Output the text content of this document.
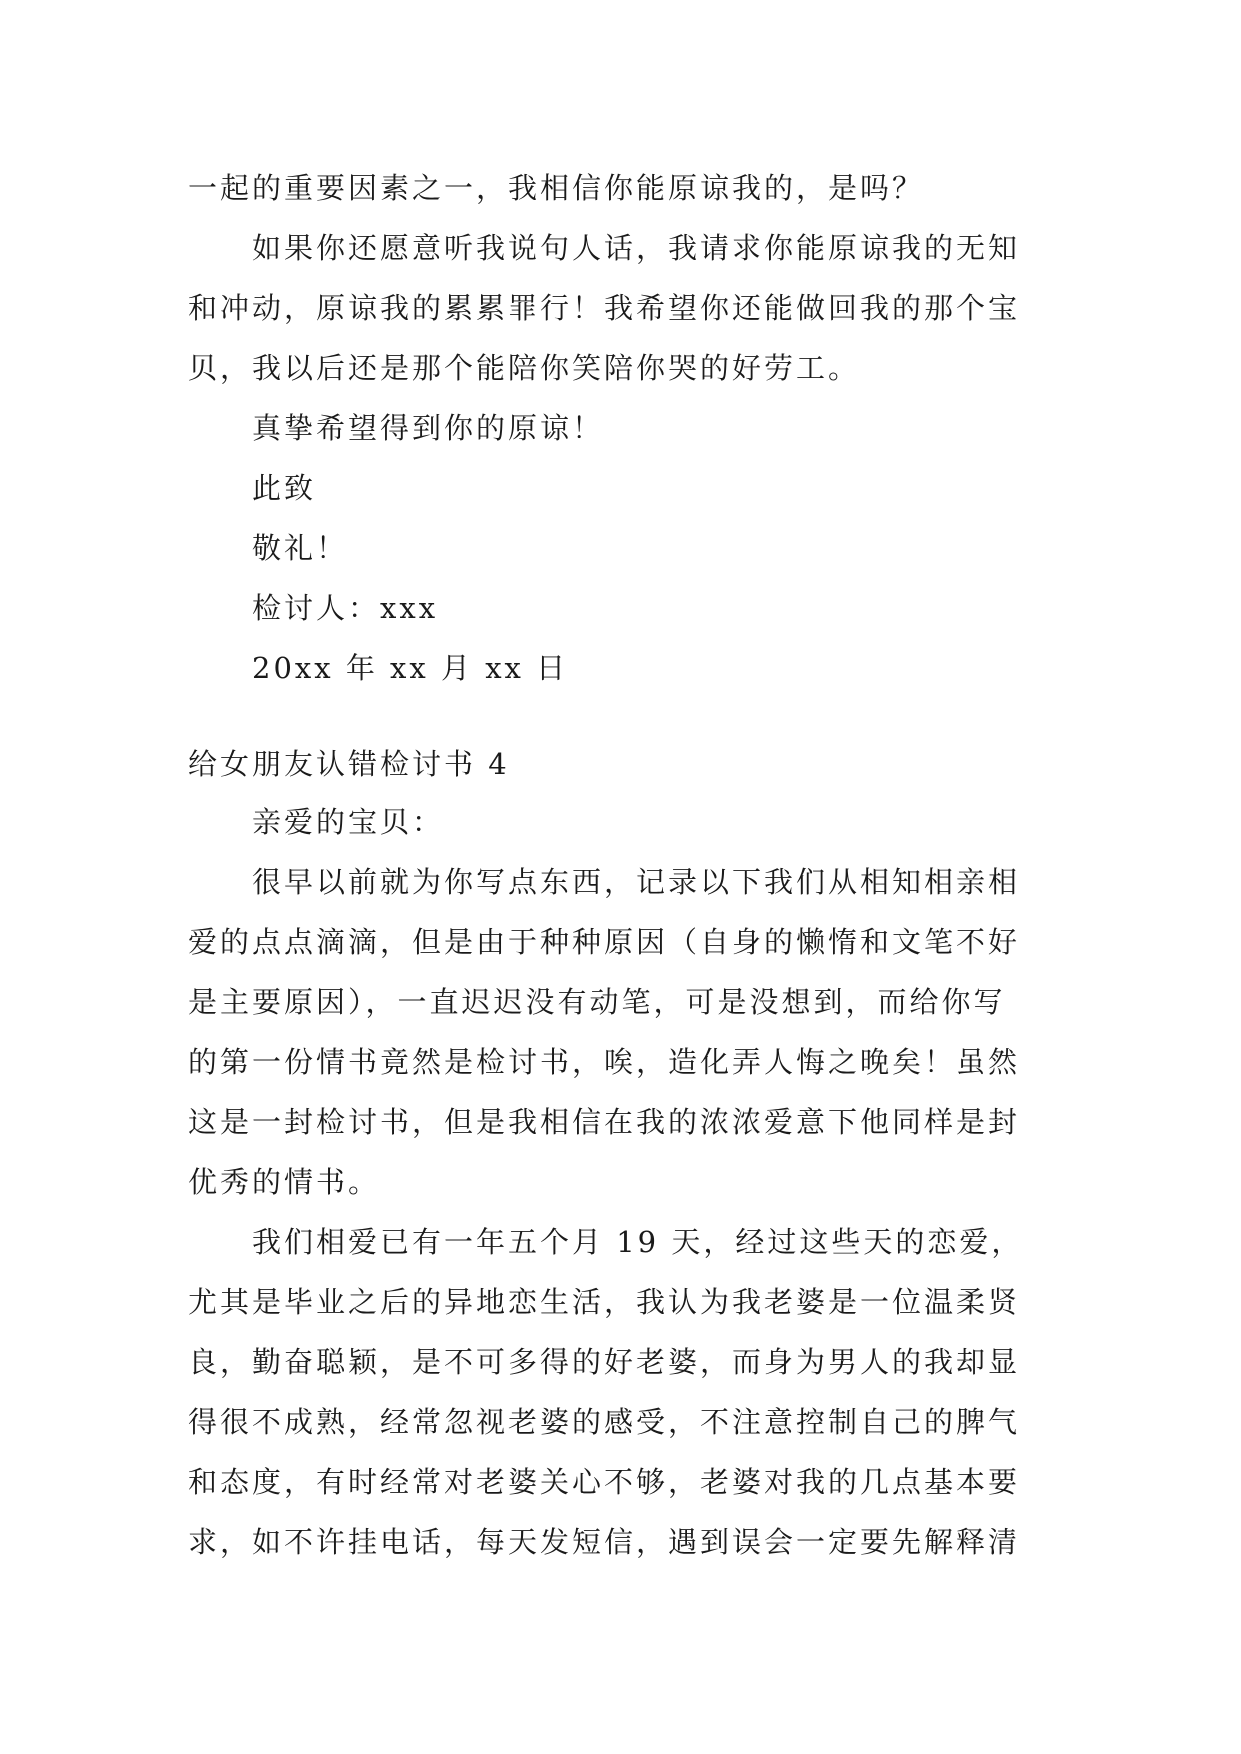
一起的重要因素之一，我相信你能原谅我的，是吗？
如果你还愿意听我说句人话，我请求你能原谅我的无知
和冲动，原谅我的累累罪行！我希望你还能做回我的那个宝
贝，我以后还是那个能陪你笑陪你哭的好劳工。
真挚希望得到你的原谅！
此致
敬礼！
检讨人：xxx
20xx 年 xx 月 xx 日
给女朋友认错检讨书 4
亲爱的宝贝：
很早以前就为你写点东西，记录以下我们从相知相亲相
爱的点点滴滴，但是由于种种原因（自身的懒惰和文笔不好
是主要原因），一直迟迟没有动笔，可是没想到，而给你写
的第一份情书竟然是检讨书，唉，造化弄人悔之晚矣！虽然
这是一封检讨书，但是我相信在我的浓浓爱意下他同样是封
优秀的情书。
我们相爱已有一年五个月 19 天，经过这些天的恋爱，
尤其是毕业之后的异地恋生活，我认为我老婆是一位温柔贤
良，勤奋聪颖，是不可多得的好老婆，而身为男人的我却显
得很不成熟，经常忽视老婆的感受，不注意控制自己的脾气
和态度，有时经常对老婆关心不够，老婆对我的几点基本要
求，如不许挂电话，每天发短信，遇到误会一定要先解释清
